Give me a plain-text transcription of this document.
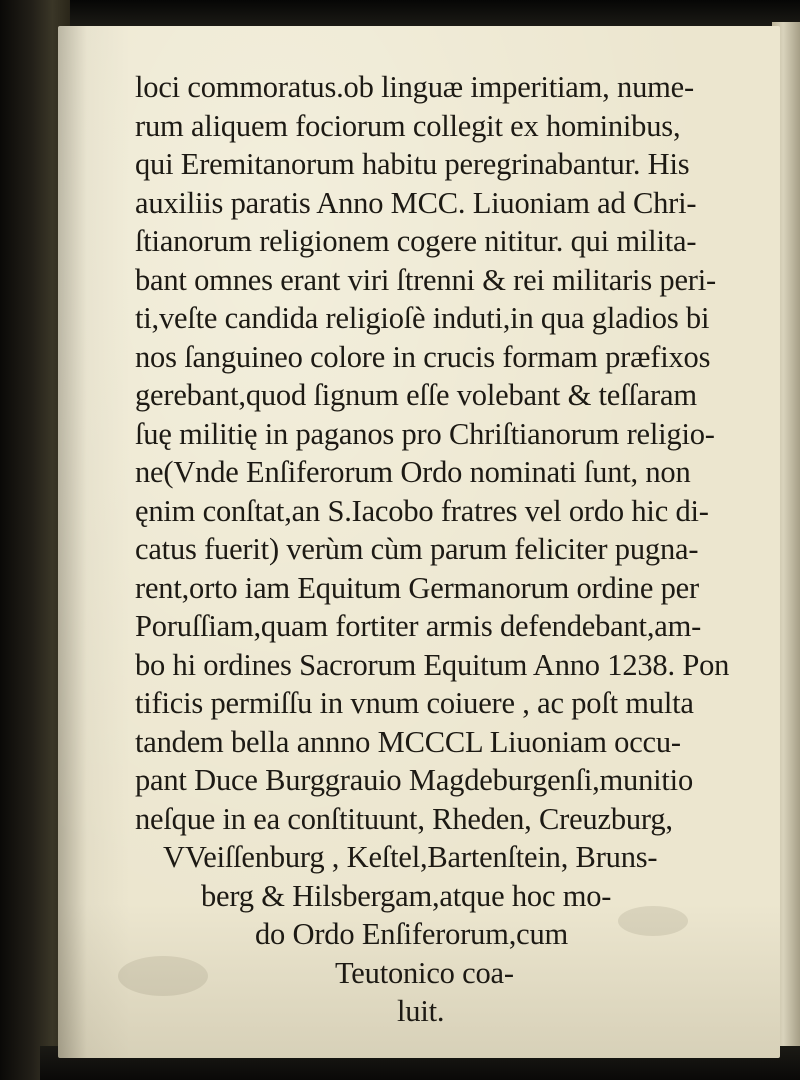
loci commoratus.ob linguæ imperitiam, nume-
rum aliquem fociorum collegit ex hominibus,
qui Eremitanorum habitu peregrinabantur. His
auxiliis paratis Anno MCC. Liuoniam ad Chri-
ſtianorum religionem cogere nititur. qui milita-
bant omnes erant viri ſtrenni & rei militaris peri-
ti,veſte candida religioſè induti,in qua gladios bi
nos ſanguineo colore in crucis formam præfixos
gerebant,quod ſignum eſſe volebant & teſſaram
ſuę militię in paganos pro Chriſtianorum religio-
ne(Vnde Enſiferorum Ordo nominati ſunt, non
ęnim conſtat,an S.Iacobo fratres vel ordo hic di-
catus fuerit) verùm cùm parum feliciter pugna-
rent,orto iam Equitum Germanorum ordine per
Poruſſiam,quam fortiter armis defendebant,am-
bo hi ordines Sacrorum Equitum Anno 1238. Pon
tificis permiſſu in vnum coiuere , ac poſt multa
tandem bella annno MCCCL Liuoniam occu-
pant Duce Burggrauio Magdeburgenſi,munitio
neſque in ea conſtituunt, Rheden, Creuzburg,
VVeiſſenburg , Keſtel,Bartenſtein, Bruns-
berg & Hilsbergam,atque hoc mo-
do Ordo Enſiferorum,cum
Teutonico coa-
luit.
